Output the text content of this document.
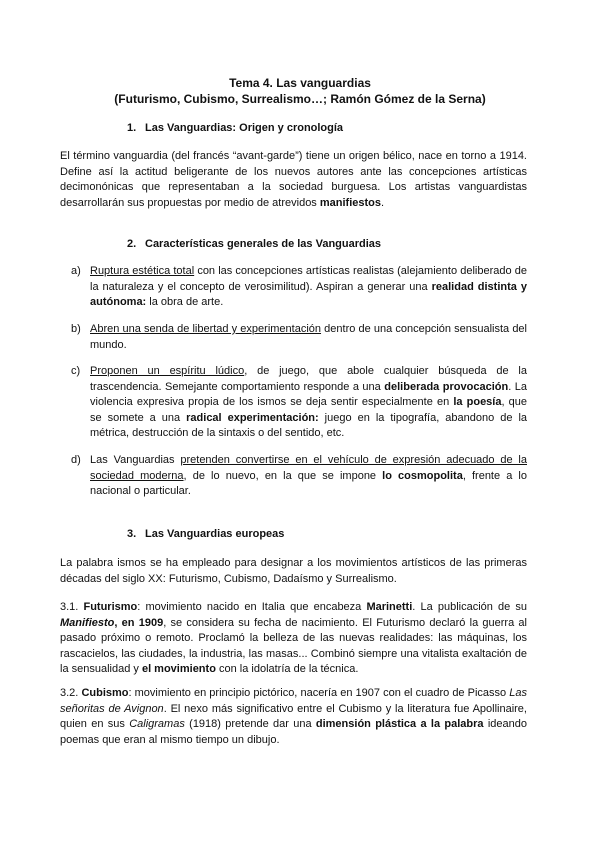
Tema 4. Las vanguardias
(Futurismo, Cubismo, Surrealismo…; Ramón Gómez de la Serna)
1. Las Vanguardias: Origen y cronología
El término vanguardia (del francés “avant-garde”) tiene un origen bélico, nace en torno a 1914. Define así la actitud beligerante de los nuevos autores ante las concepciones artísticas decimonónicas que representaban a la sociedad burguesa. Los artistas vanguardistas desarrollarán sus propuestas por medio de atrevidos manifiestos.
2. Características generales de las Vanguardias
a) Ruptura estética total con las concepciones artísticas realistas (alejamiento deliberado de la naturaleza y el concepto de verosimilitud). Aspiran a generar una realidad distinta y autónoma: la obra de arte.
b) Abren una senda de libertad y experimentación dentro de una concepción sensualista del mundo.
c) Proponen un espíritu lúdico, de juego, que abole cualquier búsqueda de la trascendencia. Semejante comportamiento responde a una deliberada provocación. La violencia expresiva propia de los ismos se deja sentir especialmente en la poesía, que se somete a una radical experimentación: juego en la tipografía, abandono de la métrica, destrucción de la sintaxis o del sentido, etc.
d) Las Vanguardias pretenden convertirse en el vehículo de expresión adecuado de la sociedad moderna, de lo nuevo, en la que se impone lo cosmopolita, frente a lo nacional o particular.
3. Las Vanguardias europeas
La palabra ismos se ha empleado para designar a los movimientos artísticos de las primeras décadas del siglo XX: Futurismo, Cubismo, Dadaísmo y Surrealismo.
3.1. Futurismo: movimiento nacido en Italia que encabeza Marinetti. La publicación de su Manifiesto, en 1909, se considera su fecha de nacimiento. El Futurismo declaró la guerra al pasado próximo o remoto. Proclamó la belleza de las nuevas realidades: las máquinas, los rascacielos, las ciudades, la industria, las masas... Combinó siempre una vitalista exaltación de la sensualidad y el movimiento con la idolatría de la técnica.
3.2. Cubismo: movimiento en principio pictórico, nacería en 1907 con el cuadro de Picasso Las señoritas de Avignon. El nexo más significativo entre el Cubismo y la literatura fue Apollinaire, quien en sus Caligramas (1918) pretende dar una dimensión plástica a la palabra ideando poemas que eran al mismo tiempo un dibujo.
